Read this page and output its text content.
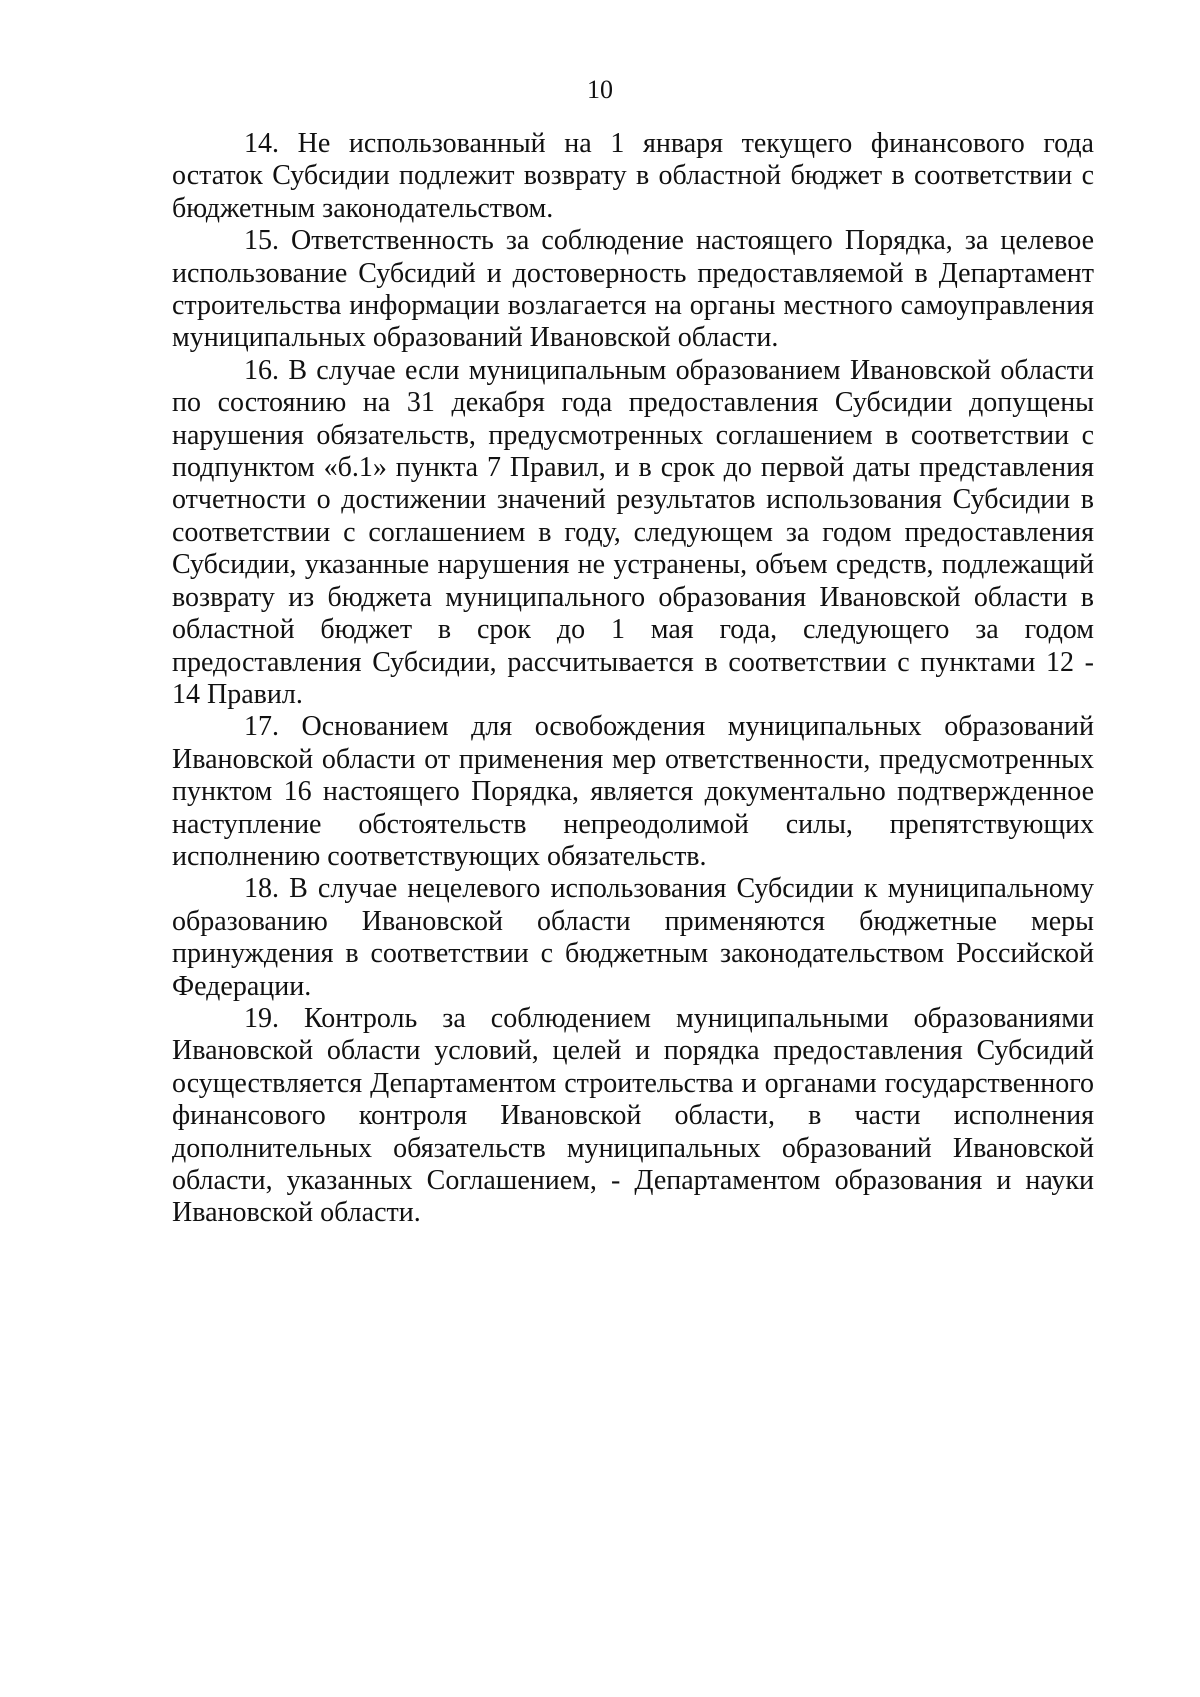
10

14. Не использованный на 1 января текущего финансового года остаток Субсидии подлежит возврату в областной бюджет в соответствии с бюджетным законодательством.

15. Ответственность за соблюдение настоящего Порядка, за целевое использование Субсидий и достоверность предоставляемой в Департамент строительства информации возлагается на органы местного самоуправления муниципальных образований Ивановской области.

16. В случае если муниципальным образованием Ивановской области по состоянию на 31 декабря года предоставления Субсидии допущены нарушения обязательств, предусмотренных соглашением в соответствии с подпунктом «б.1» пункта 7 Правил, и в срок до первой даты представления отчетности о достижении значений результатов использования Субсидии в соответствии с соглашением в году, следующем за годом предоставления Субсидии, указанные нарушения не устранены, объем средств, подлежащий возврату из бюджета муниципального образования Ивановской области в областной бюджет в срок до 1 мая года, следующего за годом предоставления Субсидии, рассчитывается в соответствии с пунктами 12 - 14 Правил.

17. Основанием для освобождения муниципальных образований Ивановской области от применения мер ответственности, предусмотренных пунктом 16 настоящего Порядка, является документально подтвержденное наступление обстоятельств непреодолимой силы, препятствующих исполнению соответствующих обязательств.

18. В случае нецелевого использования Субсидии к муниципальному образованию Ивановской области применяются бюджетные меры принуждения в соответствии с бюджетным законодательством Российской Федерации.

19. Контроль за соблюдением муниципальными образованиями Ивановской области условий, целей и порядка предоставления Субсидий осуществляется Департаментом строительства и органами государственного финансового контроля Ивановской области, в части исполнения дополнительных обязательств муниципальных образований Ивановской области, указанных Соглашением, - Департаментом образования и науки Ивановской области.
